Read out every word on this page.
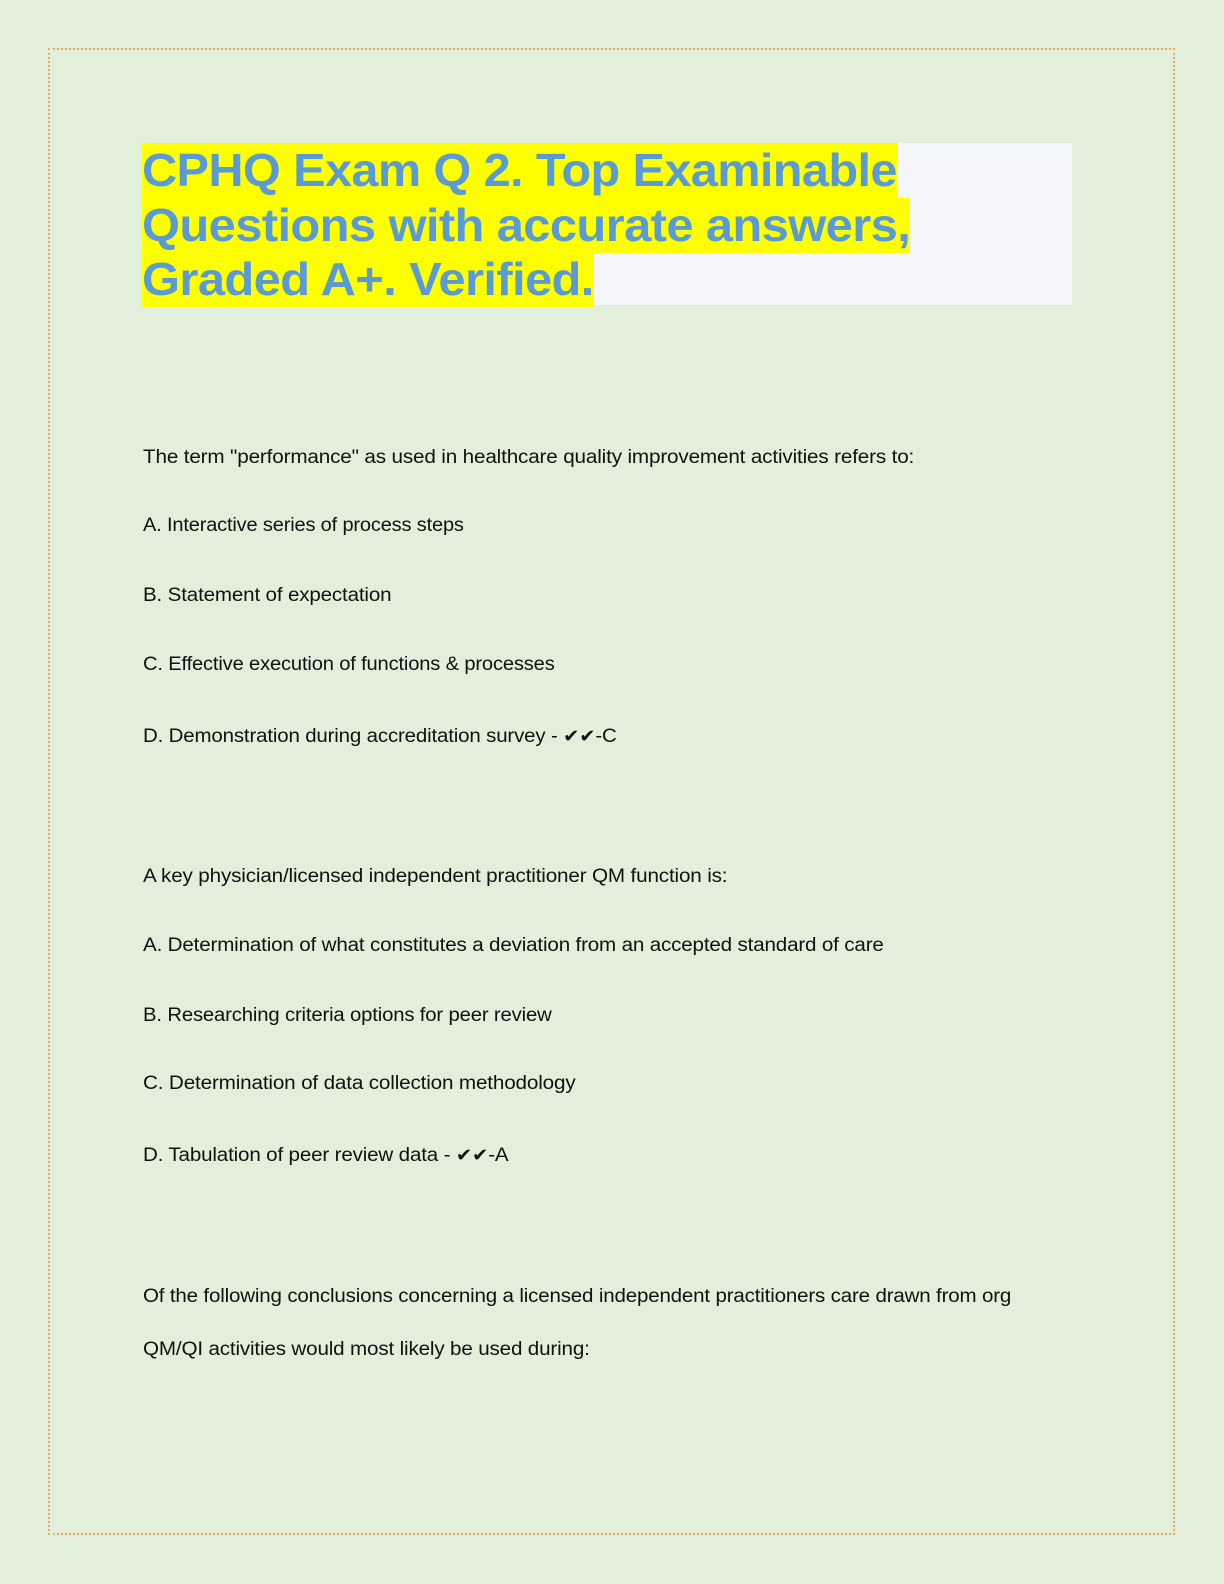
CPHQ Exam Q 2. Top Examinable
Questions with accurate answers,
Graded A+. Verified.
The term "performance" as used in healthcare quality improvement activities refers to:
A. Interactive series of process steps
B. Statement of expectation
C. Effective execution of functions & processes
D. Demonstration during accreditation survey - ✔✔-C
A key physician/licensed independent practitioner QM function is:
A. Determination of what constitutes a deviation from an accepted standard of care
B. Researching criteria options for peer review
C. Determination of data collection methodology
D. Tabulation of peer review data - ✔✔-A
Of the following conclusions concerning a licensed independent practitioners care drawn from org
QM/QI activities would most likely be used during:
